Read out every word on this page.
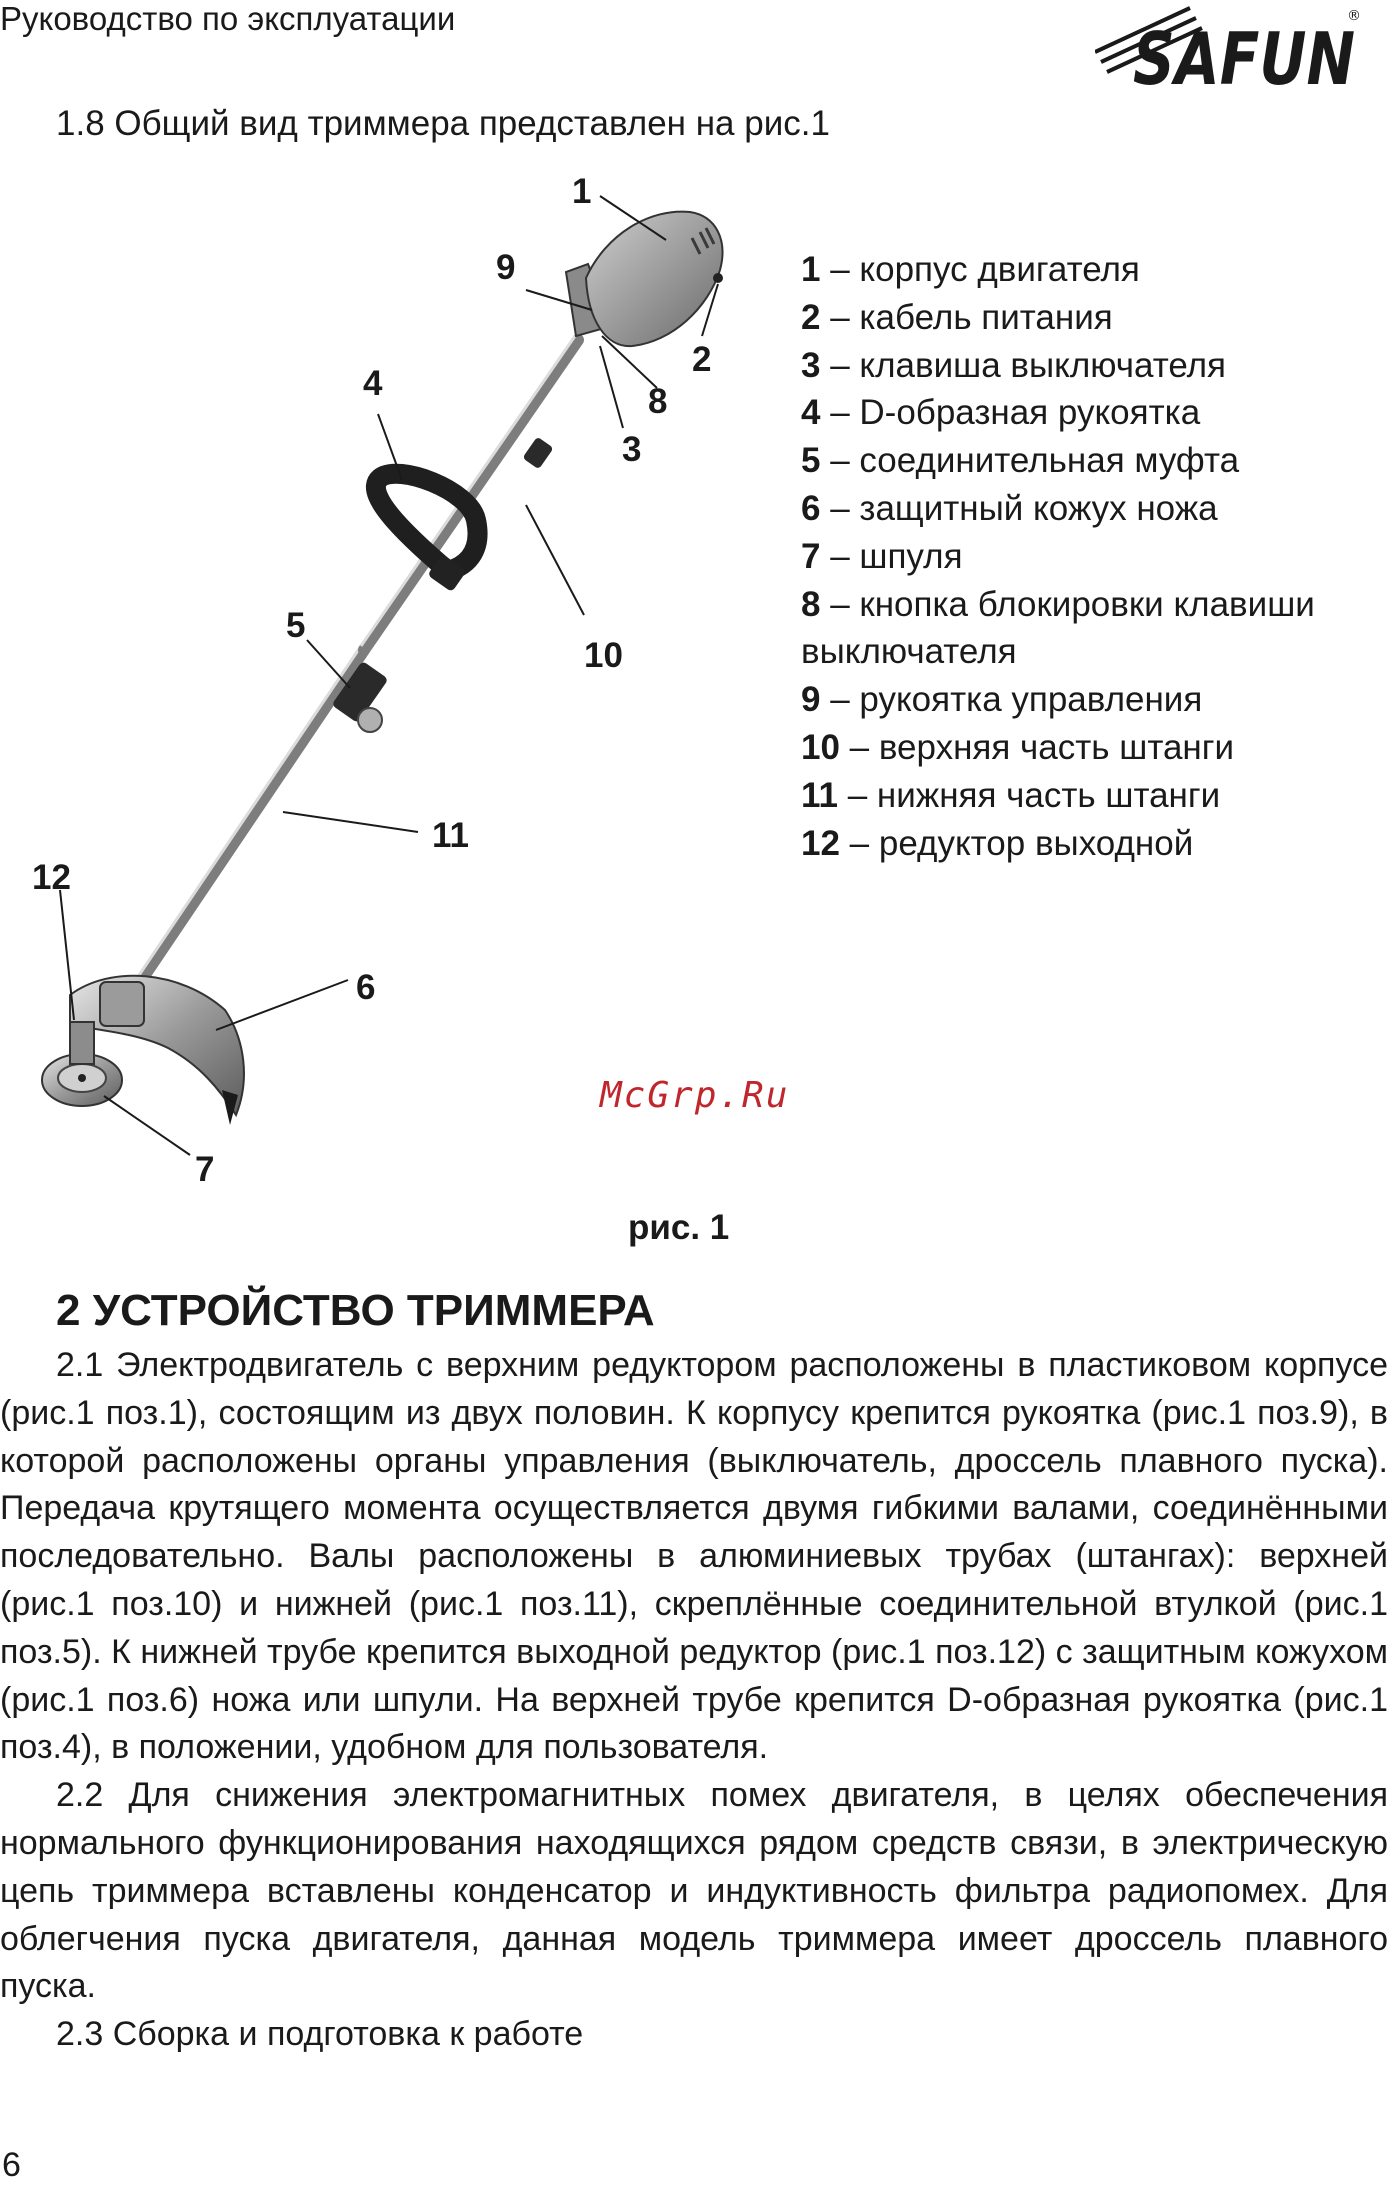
Руководство по эксплуатации	SAFUN
®
1.8 Общий вид триммера представлен на рис.1
1
2
3
4
5
6
7
8
9
10
11
12
1 – корпус двигателя
2 – кабель питания
3 – клавиша выключателя
4 – D-образная рукоятка
5 – соединительная муфта
6 – защитный кожух ножа
7 – шпуля
8 – кнопка блокировки клавиши
выключателя
9 – рукоятка управления
10 – верхняя часть штанги
11 – нижняя часть штанги
12 – редуктор выходной
McGrp.Ru
рис. 1
2 УСТРОЙСТВО ТРИММЕРА

2.1 Электродвигатель с верхним редуктором расположены в пластиковом корпусе (рис.1 поз.1), состоящим из двух половин. К корпусу крепится рукоятка (рис.1 поз.9), в которой расположены органы управления (выключатель, дроссель плавного пуска). Передача крутящего момента осуществляется двумя гибкими валами, соединёнными последовательно. Валы расположены в алюминиевых трубах (штангах): верхней (рис.1 поз.10) и нижней (рис.1 поз.11), скреплённые соединительной втулкой (рис.1 поз.5). К нижней трубе крепится выходной редуктор (рис.1 поз.12) с защитным кожухом (рис.1 поз.6) ножа или шпули. На верхней трубе крепится D-образная рукоятка (рис.1 поз.4), в положении, удобном для пользователя.

2.2 Для снижения электромагнитных помех двигателя, в целях обеспечения нормального функционирования находящихся рядом средств связи, в электрическую цепь триммера вставлены конденсатор и индуктивность фильтра радиопомех. Для облегчения пуска двигателя, данная модель триммера имеет дроссель плавного пуска.

2.3 Сборка и подготовка к работе

6
